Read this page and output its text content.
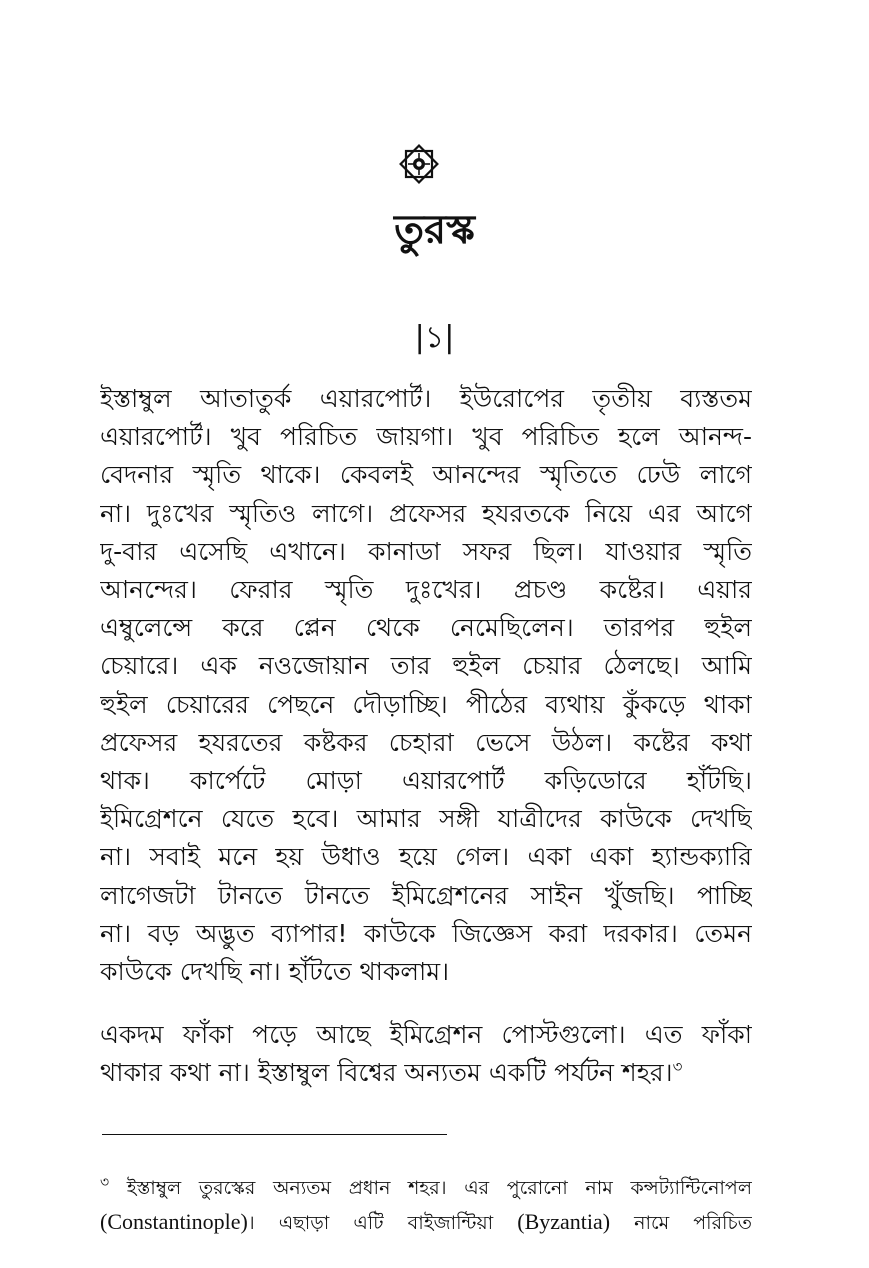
তুরস্ক
|১|
ইস্তাম্বুল আতাতুর্ক এয়ারপোর্ট। ইউরোপের তৃতীয় ব্যস্ততম
এয়ারপোর্ট। খুব পরিচিত জায়গা। খুব পরিচিত হলে আনন্দ-
বেদনার স্মৃতি থাকে। কেবলই আনন্দের স্মৃতিতে ঢেউ লাগে
না। দুঃখের স্মৃতিও লাগে। প্রফেসর হযরতকে নিয়ে এর আগে
দু-বার এসেছি এখানে। কানাডা সফর ছিল। যাওয়ার স্মৃতি
আনন্দের। ফেরার স্মৃতি দুঃখের। প্রচণ্ড কষ্টের। এয়ার
এম্বুলেন্সে করে প্লেন থেকে নেমেছিলেন। তারপর হুইল
চেয়ারে। এক নওজোয়ান তার হুইল চেয়ার ঠেলছে। আমি
হুইল চেয়ারের পেছনে দৌড়াচ্ছি। পীঠের ব্যথায় কুঁকড়ে থাকা
প্রফেসর হযরতের কষ্টকর চেহারা ভেসে উঠল। কষ্টের কথা
থাক। কার্পেটে মোড়া এয়ারপোর্ট কড়িডোরে হাঁটছি।
ইমিগ্রেশনে যেতে হবে। আমার সঙ্গী যাত্রীদের কাউকে দেখছি
না। সবাই মনে হয় উধাও হয়ে গেল। একা একা হ্যান্ডক্যারি
লাগেজটা টানতে টানতে ইমিগ্রেশনের সাইন খুঁজছি। পাচ্ছি
না। বড় অদ্ভুত ব্যাপার! কাউকে জিজ্ঞেস করা দরকার। তেমন
কাউকে দেখছি না। হাঁটতে থাকলাম।
একদম ফাঁকা পড়ে আছে ইমিগ্রেশন পোস্টগুলো। এত ফাঁকা
থাকার কথা না। ইস্তাম্বুল বিশ্বের অন্যতম একটি পর্যটন শহর।$^৩$
$^৩$ ইস্তাম্বুল তুরস্কের অন্যতম প্রধান শহর। এর পুরোনো নাম কন্সট্যান্টিনোপল
(Constantinople)। এছাড়া এটি বাইজান্টিয়া (Byzantia) নামে পরিচিত
